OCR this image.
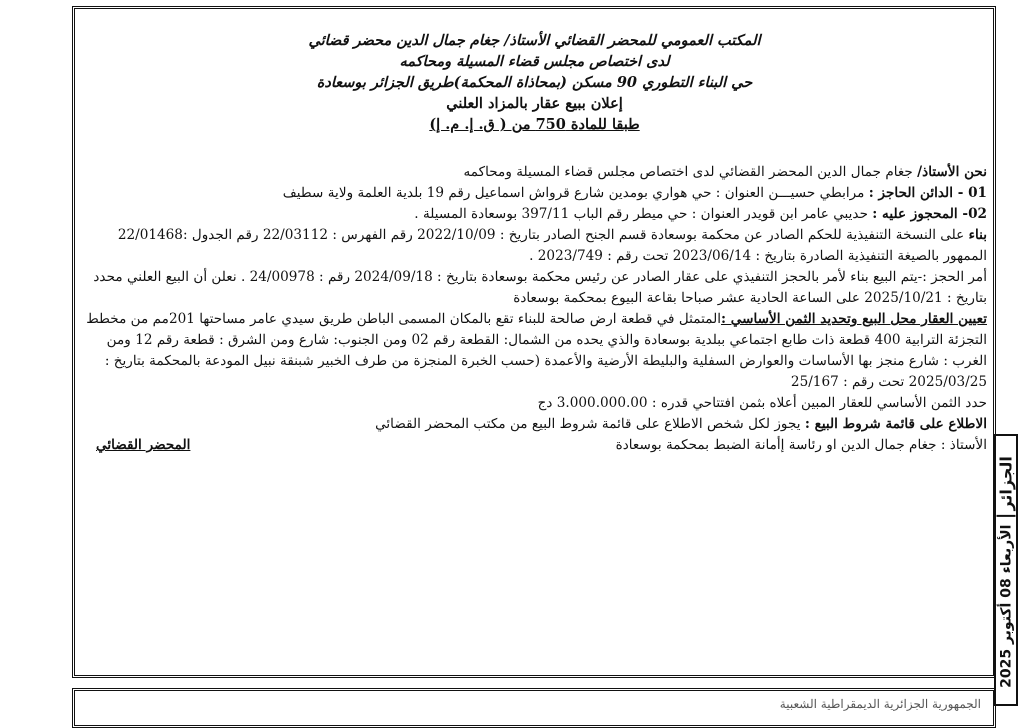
المكتب العمومي للمحضر القضائي الأستاذ/ جغام جمال الدين محضر قضائي
لدى اختصاص مجلس قضاء المسيلة ومحاكمه
حي البناء التطوري 90 مسكن (بمحاذاة المحكمة)طريق الجزائر بوسعادة
إعلان ببيع عقار بالمزاد العلني
طبقا للمادة 750 من ( ق. إ. م. إ)

نحن الأستاذ/ جغام جمال الدين المحضر القضائي لدى اختصاص مجلس قضاء المسيلة ومحاكمه

01 - الدائن الحاجز : مرابطي حسيـــن العنوان : حي هواري بومدين شارع قرواش اسماعيل رقم 19 بلدية العلمة ولاية سطيف

02- المحجوز عليه : حديبي عامر ابن قويدر العنوان : حي ميطر رقم الباب 397/11 بوسعادة المسيلة .

بناء على النسخة التنفيذية للحكم الصادر عن محكمة بوسعادة قسم الجنح الصادر بتاريخ : 2022/10/09 رقم الفهرس : 22/03112 رقم الجدول :22/01468 الممهور بالصيغة التنفيذية الصادرة بتاريخ : 2023/06/14 تحت رقم : 2023/749 .

أمر الحجز :-يتم البيع بناء لأمر بالحجز التنفيذي على عقار الصادر عن رئيس محكمة بوسعادة بتاريخ : 2024/09/18 رقم : 24/00978 . نعلن أن البيع العلني محدد بتاريخ : 2025/10/21 على الساعة الحادية عشر صباحا بقاعة البيوع بمحكمة بوسعادة

تعيين العقار محل البيع وتحديد الثمن الأساسي :المتمثل في قطعة ارض صالحة للبناء تقع بالمكان المسمى الباطن طريق سيدي عامر مساحتها 201مم من مخطط التجزئة الترابية 400 قطعة ذات طابع اجتماعي ببلدية بوسعادة والذي يحده من الشمال: القطعة رقم 02 ومن الجنوب: شارع ومن الشرق : قطعة رقم 12 ومن الغرب : شارع منجز بها الأساسات والعوارض السفلية والبليطة الأرضية والأعمدة (حسب الخبرة المنجزة من طرف الخبير شبنقة نبيل المودعة بالمحكمة بتاريخ : 2025/03/25 تحت رقم : 25/167

حدد الثمن الأساسي للعقار المبين أعلاه بثمن افتتاحي قدره : 3.000.000.00 دج

الاطلاع على قائمة شروط البيع : يجوز لكل شخص الاطلاع على قائمة شروط البيع من مكتب المحضر القضائي

الأستاذ : جغام جمال الدين او رئاسة إأمانة الضبط بمحكمة بوسعادة
المحضر القضائي

الجزائر
الأربعاء 08 أكتوبر 2025
الجمهورية الجزائرية الديمقراطية الشعبية
